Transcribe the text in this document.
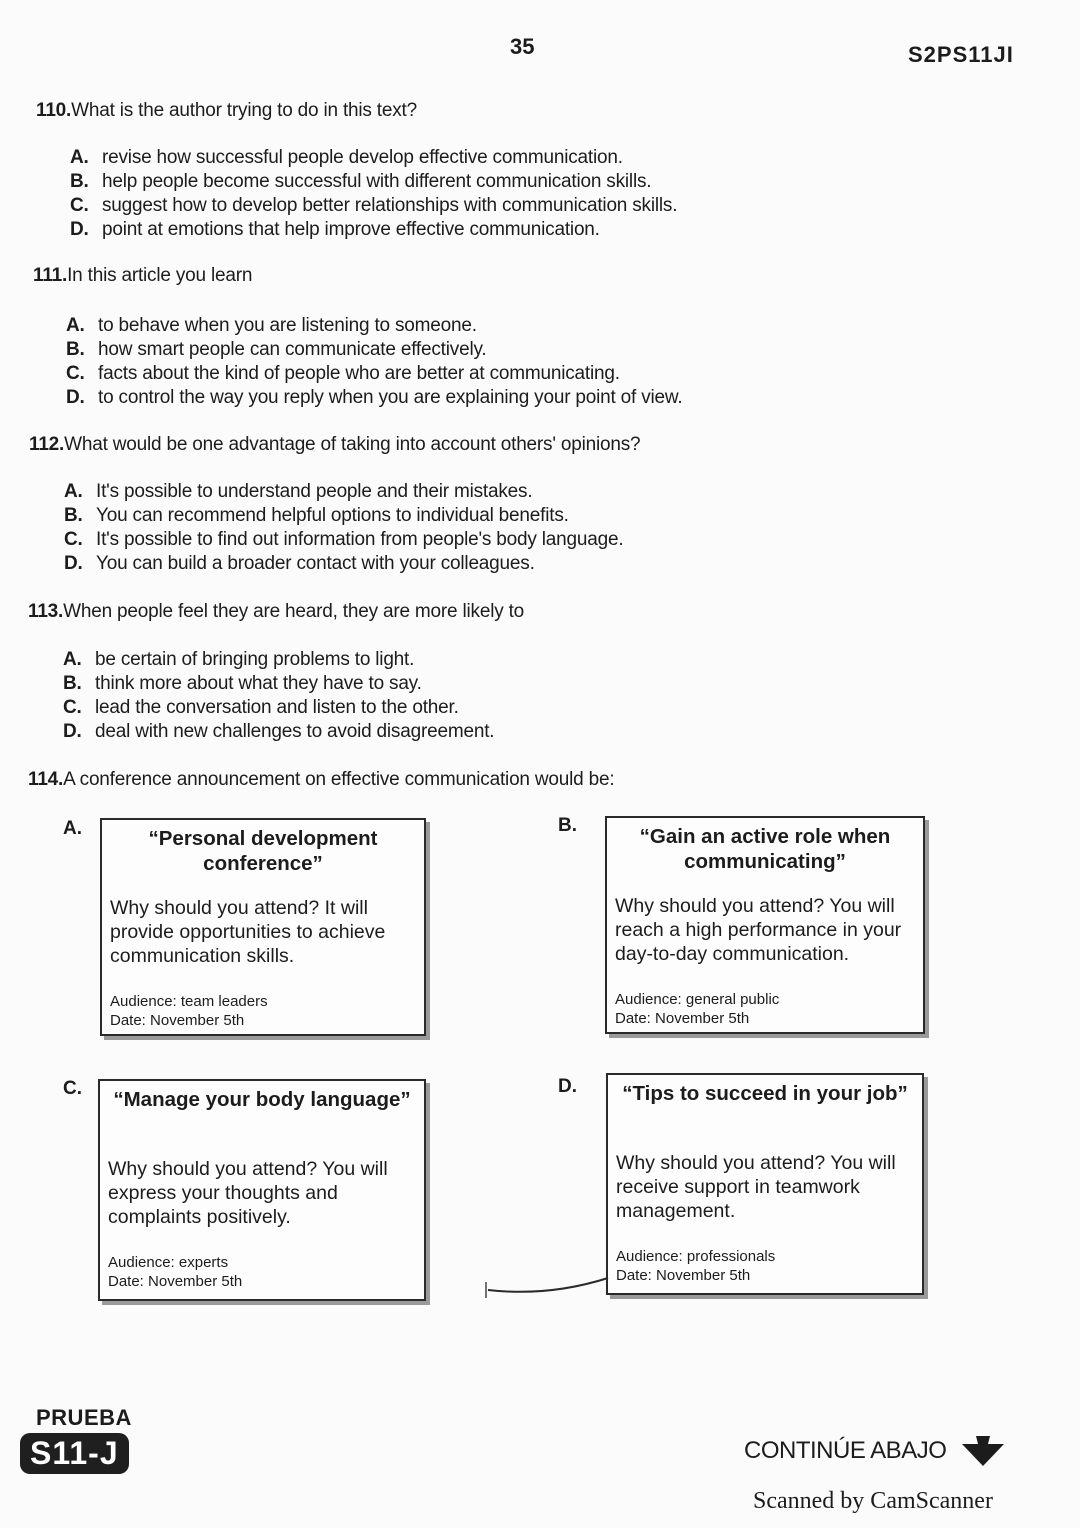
35	S2PS11JI
110.What is the author trying to do in this text?
A. revise how successful people develop effective communication.
B. help people become successful with different communication skills.
C. suggest how to develop better relationships with communication skills.
D. point at emotions that help improve effective communication.
111.In this article you learn
A. to behave when you are listening to someone.
B. how smart people can communicate effectively.
C. facts about the kind of people who are better at communicating.
D. to control the way you reply when you are explaining your point of view.
112.What would be one advantage of taking into account others' opinions?
A. It's possible to understand people and their mistakes.
B. You can recommend helpful options to individual benefits.
C. It's possible to find out information from people's body language.
D. You can build a broader contact with your colleagues.
113.When people feel they are heard, they are more likely to
A. be certain of bringing problems to light.
B. think more about what they have to say.
C. lead the conversation and listen to the other.
D. deal with new challenges to avoid disagreement.
114.A conference announcement on effective communication would be:
A.	“Personal development conference”
Why should you attend? It will provide opportunities to achieve communication skills.
Audience: team leaders
Date: November 5th
B.	“Gain an active role when communicating”
Why should you attend? You will reach a high performance in your day-to-day communication.
Audience: general public
Date: November 5th
C. “Manage your body language”
Why should you attend? You will express your thoughts and complaints positively.
Audience: experts
Date: November 5th
D.	“Tips to succeed in your job”
Why should you attend? You will receive support in teamwork management.
Audience: professionals
Date: November 5th
PRUEBA
S11-J	CONTINÚE ABAJO
Scanned by CamScanner
